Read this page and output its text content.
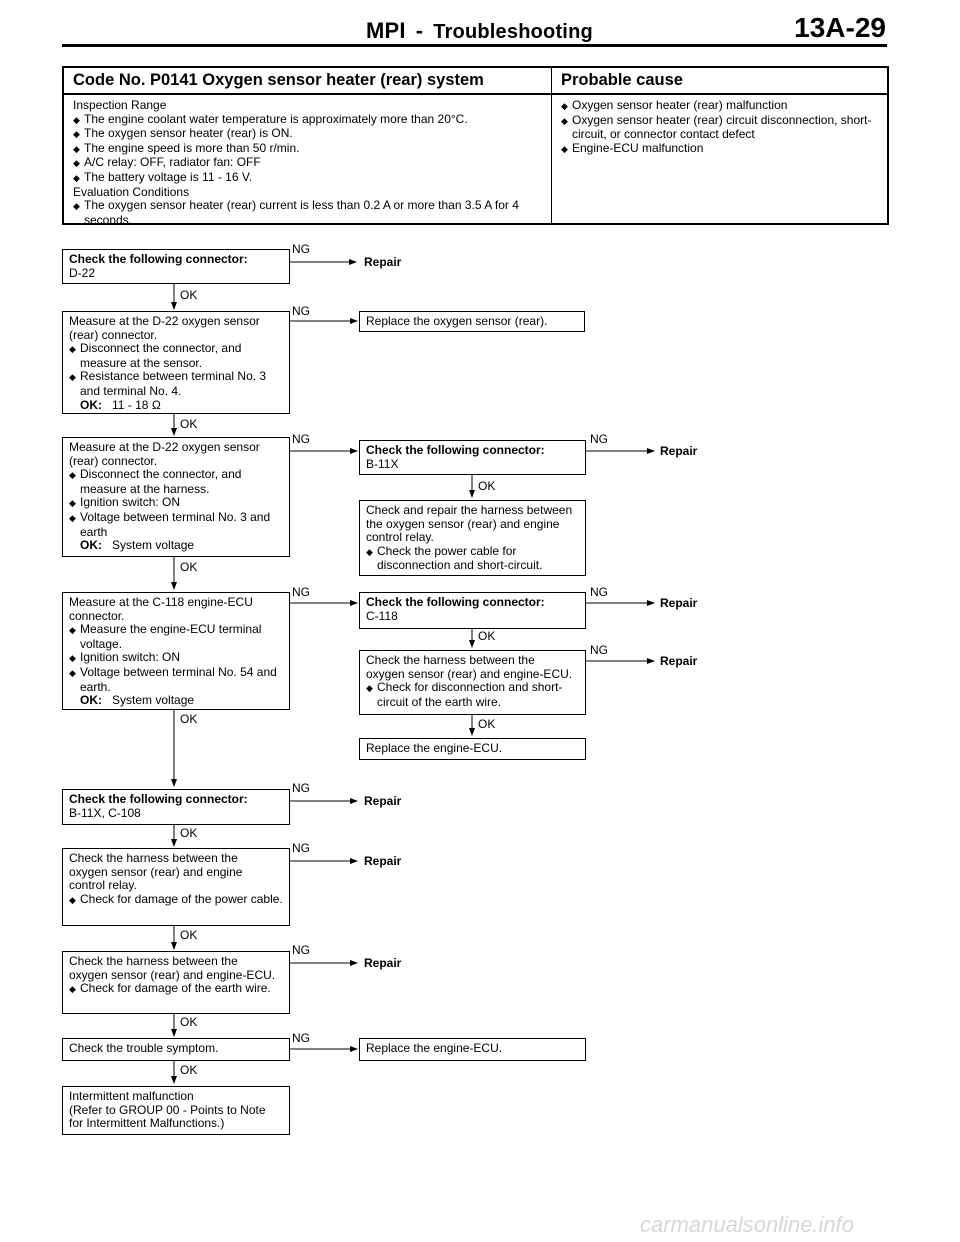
MPI - Troubleshooting	13A-29
Code No. P0141 Oxygen sensor heater (rear) system
Inspection Range
◆ The engine coolant water temperature is approximately more than 20°C.
◆ The oxygen sensor heater (rear) is ON.
◆ The engine speed is more than 50 r/min.
◆ A/C relay: OFF, radiator fan: OFF
◆ The battery voltage is 11 - 16 V.
Evaluation Conditions
◆ The oxygen sensor heater (rear) current is less than 0.2 A or more than 3.5 A for 4 seconds.
Probable cause
◆ Oxygen sensor heater (rear) malfunction
◆ Oxygen sensor heater (rear) circuit disconnection, short-circuit, or connector contact defect
◆ Engine-ECU malfunction
Check the following connector:
D-22
NG
Repair
OK
Measure at the D-22 oxygen sensor
(rear) connector.
◆ Disconnect the connector, and measure at the sensor.
◆ Resistance between terminal No. 3 and terminal No. 4.
OK: 11 - 18 Ω
NG
Replace the oxygen sensor (rear).
OK
Measure at the D-22 oxygen sensor
(rear) connector.
◆ Disconnect the connector, and measure at the harness.
◆ Ignition switch: ON
◆ Voltage between terminal No. 3 and earth
OK: System voltage
NG
Check the following connector:
B-11X
NG
Repair
OK
Check and repair the harness between
the oxygen sensor (rear) and engine
control relay.
◆ Check the power cable for disconnection and short-circuit.
OK
Measure at the C-118 engine-ECU
connector.
◆ Measure the engine-ECU terminal voltage.
◆ Ignition switch: ON
◆ Voltage between terminal No. 54 and earth.
OK: System voltage
NG
Check the following connector:
C-118
NG
Repair
OK
Check the harness between the
oxygen sensor (rear) and engine-ECU.
◆ Check for disconnection and short-circuit of the earth wire.
NG
Repair
OK
Replace the engine-ECU.
OK
Check the following connector:
B-11X, C-108
NG
Repair
OK
Check the harness between the
oxygen sensor (rear) and engine
control relay.
◆ Check for damage of the power cable.
NG
Repair
OK
Check the harness between the
oxygen sensor (rear) and engine-ECU.
◆ Check for damage of the earth wire.
NG
Repair
OK
Check the trouble symptom.
NG
Replace the engine-ECU.
OK
Intermittent malfunction
(Refer to GROUP 00 - Points to Note
for Intermittent Malfunctions.)
carmanualsonline.info
